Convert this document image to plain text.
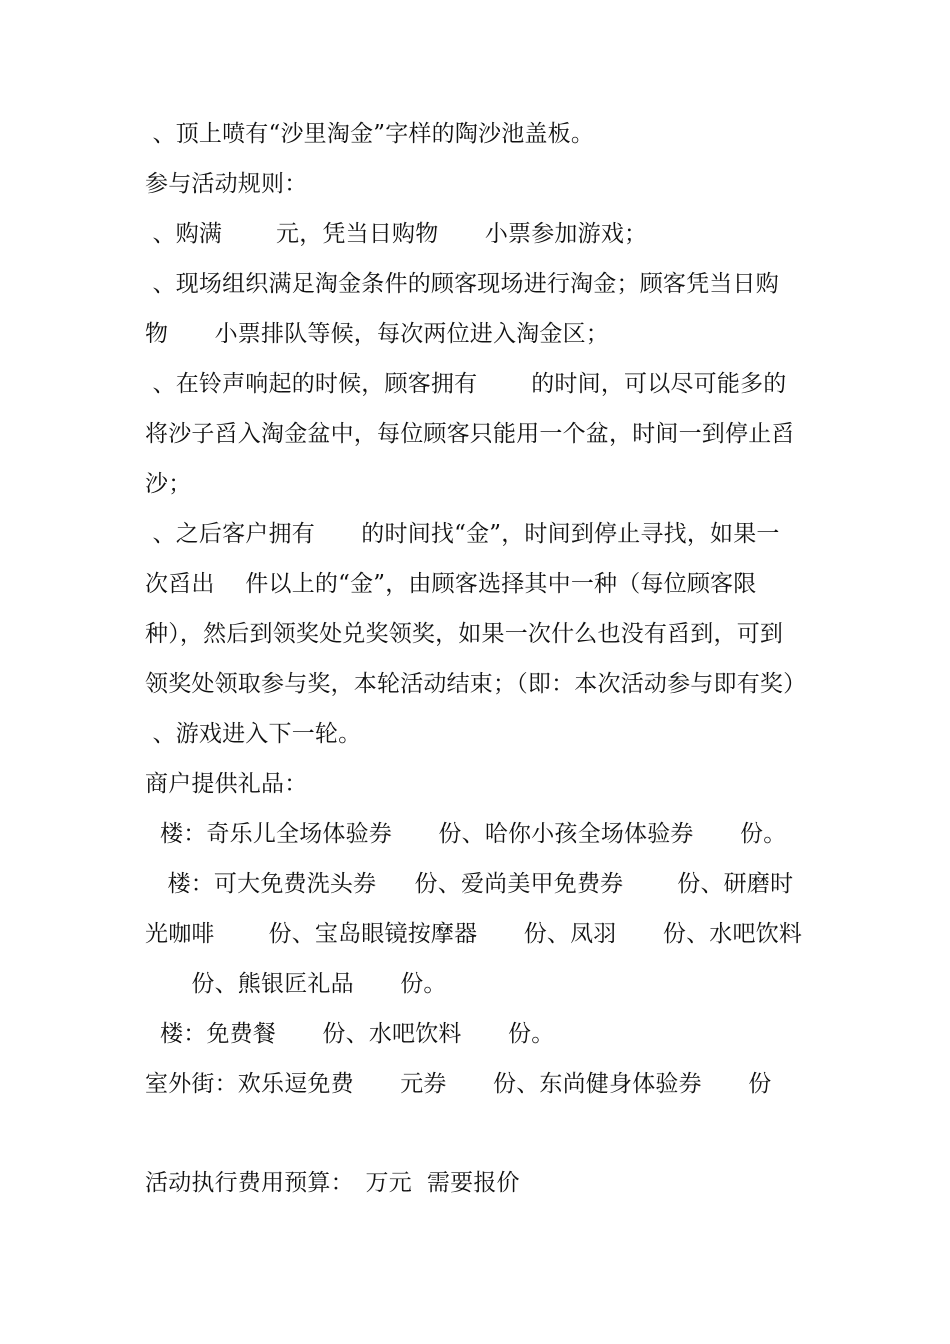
、顶上喷有“沙里淘金”字样的陶沙池盖板。
参与活动规则：
、购满　　 元，凭当日购物　　小票参加游戏；
、现场组织满足淘金条件的顾客现场进行淘金；顾客凭当日购
物　　小票排队等候，每次两位进入淘金区；
、在铃声响起的时候，顾客拥有　　 的时间，可以尽可能多的
将沙子舀入淘金盆中，每位顾客只能用一个盆，时间一到停止舀
沙；
、之后客户拥有　　的时间找“金”，时间到停止寻找，如果一
次舀出　 件以上的“金”，由顾客选择其中一种（每位顾客限
种），然后到领奖处兑奖领奖，如果一次什么也没有舀到，可到
领奖处领取参与奖，本轮活动结束；（即：本次活动参与即有奖）
、游戏进入下一轮。
商户提供礼品：
楼：奇乐儿全场体验券　　份、哈你小孩全场体验券　　份。
楼：可大免费洗头券　  份、爱尚美甲免费券　　 份、研磨时
光咖啡　　 份、宝岛眼镜按摩器　　份、凤羽　　份、水吧饮料
　　份、熊银匠礼品　　份。
楼：免费餐　　份、水吧饮料　　份。
室外街：欢乐逗免费　　元券　　份、东尚健身体验券　　份
活动执行费用预算：　万元  需要报价
